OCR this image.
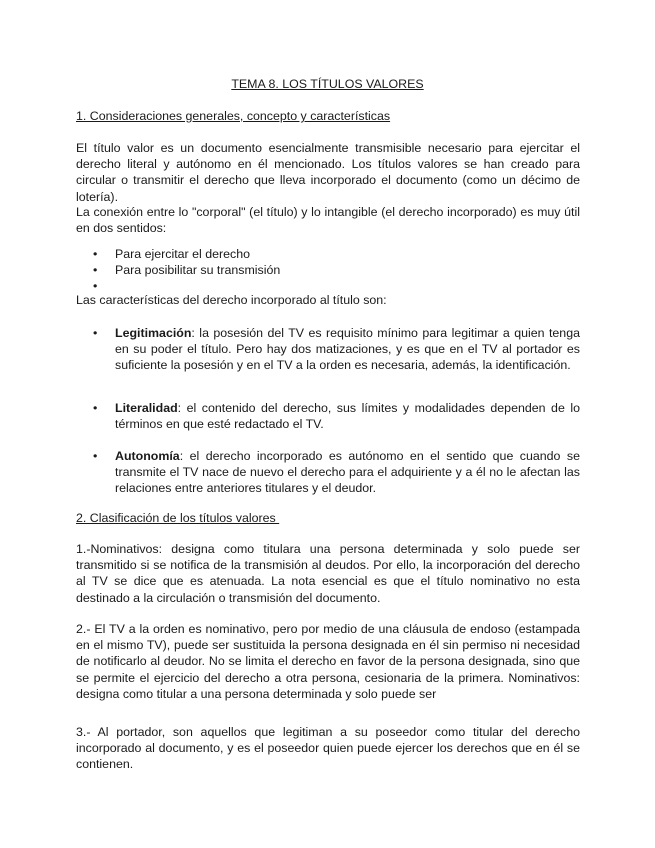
TEMA 8. LOS TÍTULOS VALORES
1. Consideraciones generales, concepto y características

El título valor es un documento esencialmente transmisible necesario para ejercitar el derecho literal y autónomo en él mencionado. Los títulos valores se han creado para circular o transmitir el derecho que lleva incorporado el documento (como un décimo de lotería).

La conexión entre lo "corporal" (el título) y lo intangible (el derecho incorporado) es muy útil en dos sentidos:

• Para ejercitar el derecho
• Para posibilitar su transmisión
•

Las características del derecho incorporado al título son:

• Legitimación: la posesión del TV es requisito mínimo para legitimar a quien tenga en su poder el título. Pero hay dos matizaciones, y es que en el TV al portador es suficiente la posesión y en el TV a la orden es necesaria, además, la identificación.
• Literalidad: el contenido del derecho, sus límites y modalidades dependen de lo términos en que esté redactado el TV.
• Autonomía: el derecho incorporado es autónomo en el sentido que cuando se transmite el TV nace de nuevo el derecho para el adquiriente y a él no le afectan las relaciones entre anteriores titulares y el deudor.
2. Clasificación de los títulos valores

1.-Nominativos: designa como titulara una persona determinada y solo puede ser transmitido si se notifica de la transmisión al deudos. Por ello, la incorporación del derecho al TV se dice que es atenuada. La nota esencial es que el título nominativo no esta destinado a la circulación o transmisión del documento.

2.- El TV a la orden es nominativo, pero por medio de una cláusula de endoso (estampada en el mismo TV), puede ser sustituida la persona designada en él sin permiso ni necesidad de notificarlo al deudor. No se limita el derecho en favor de la persona designada, sino que se permite el ejercicio del derecho a otra persona, cesionaria de la primera. Nominativos: designa como titular a una persona determinada y solo puede ser

3.- Al portador, son aquellos que legitiman a su poseedor como titular del derecho incorporado al documento, y es el poseedor quien puede ejercer los derechos que en él se contienen.
